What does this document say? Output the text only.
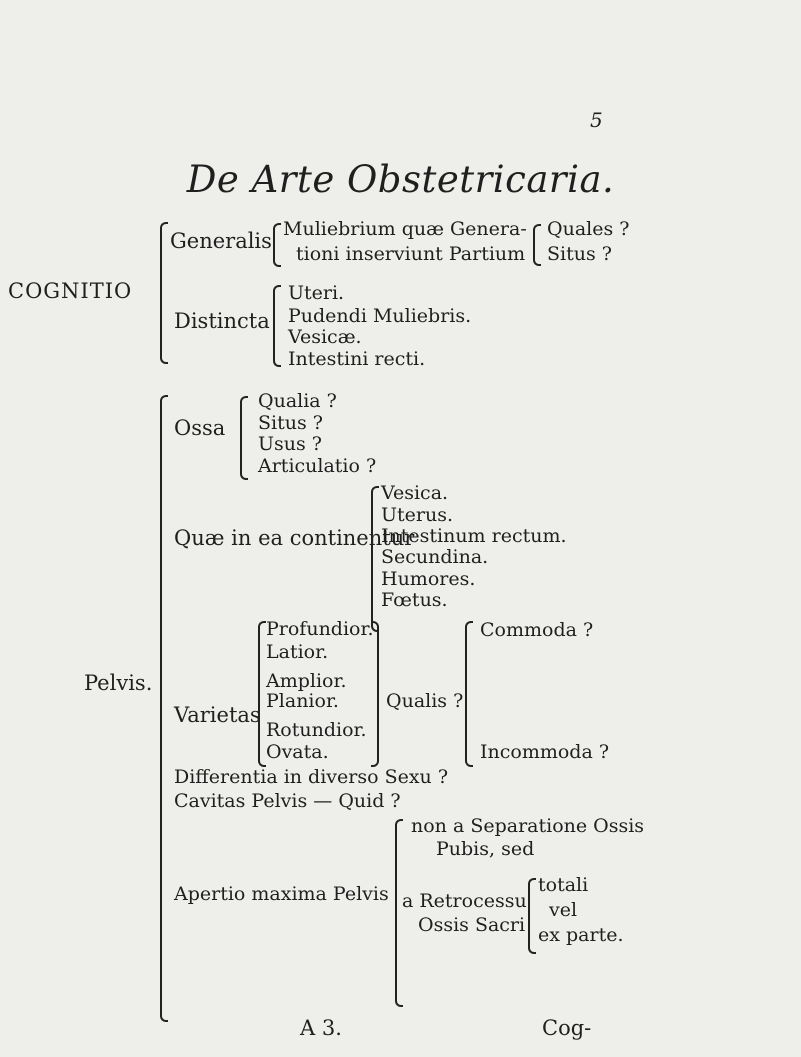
5
De Arte Obstetricaria.
COGNITIO
Generalis Muliebrium quæ Genera-
tioni inserviunt Partium
Quales ?
Situs ?
Distincta
Uteri.
Pudendi Muliebris.
Vesicæ.
Intestini recti.
Pelvis.
Ossa
Qualia ?
Situs ?
Usus ?
Articulatio ?
Quæ in ea continentur
Vesica.
Uterus.
Intestinum rectum.
Secundina.
Humores.
Fœtus.
Varietas
Profundior.
Latior.
Amplior.
Planior.
Rotundior.
Ovata.
Qualis ?
Commoda ?
Incommoda ?
Differentia in diverso Sexu ?
Cavitas Pelvis — Quid ?
Apertio maxima Pelvis
non a Separatione Ossis
Pubis, sed
a Retrocessu
Ossis Sacri
totali
vel
ex parte.
A 3.	Cog-
